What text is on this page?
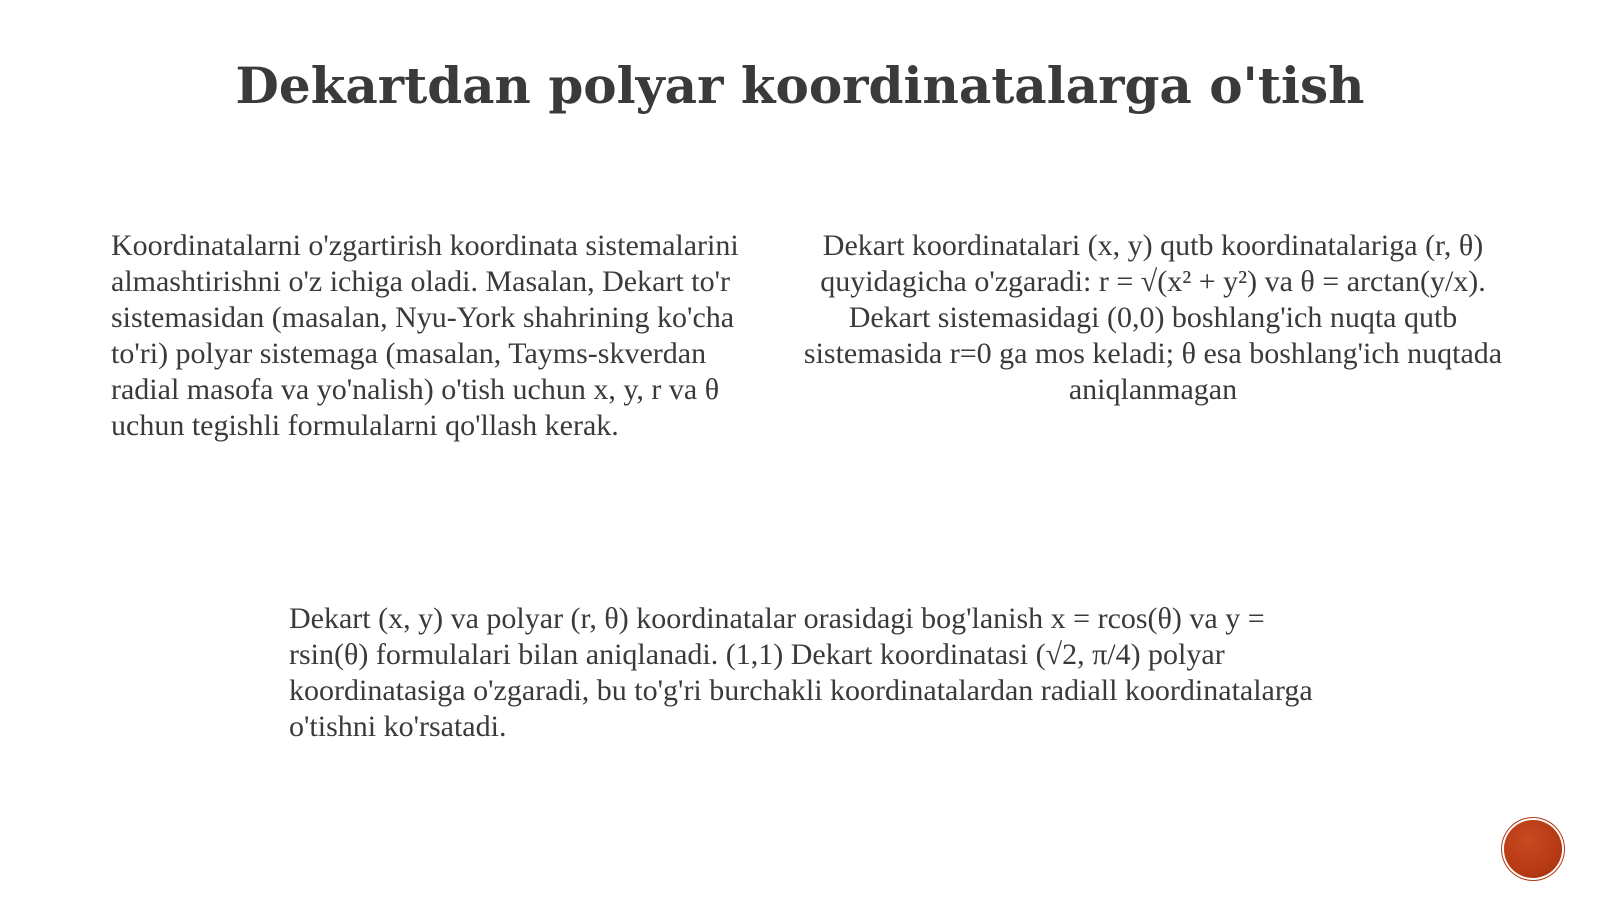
Dekartdan polyar koordinatalarga o'tish

Koordinatalarni o'zgartirish koordinata sistemalarini almashtirishni o'z ichiga oladi. Masalan, Dekart to'r sistemasidan (masalan, Nyu-York shahrining ko'cha to'ri) polyar sistemaga (masalan, Tayms-skverdan radial masofa va yo'nalish) o'tish uchun x, y, r va θ uchun tegishli formulalarni qo'llash kerak.

Dekart koordinatalari (x, y) qutb koordinatalariga (r, θ) quyidagicha o'zgaradi: r = √(x² + y²) va θ = arctan(y/x). Dekart sistemasidagi (0,0) boshlang'ich nuqta qutb sistemasida r=0 ga mos keladi; θ esa boshlang'ich nuqtada aniqlanmagan

Dekart (x, y) va polyar (r, θ) koordinatalar orasidagi bog'lanish x = rcos(θ) va y = rsin(θ) formulalari bilan aniqlanadi. (1,1) Dekart koordinatasi (√2, π/4) polyar koordinatasiga o'zgaradi, bu to'g'ri burchakli koordinatalardan radiall koordinatalarga o'tishni ko'rsatadi.
